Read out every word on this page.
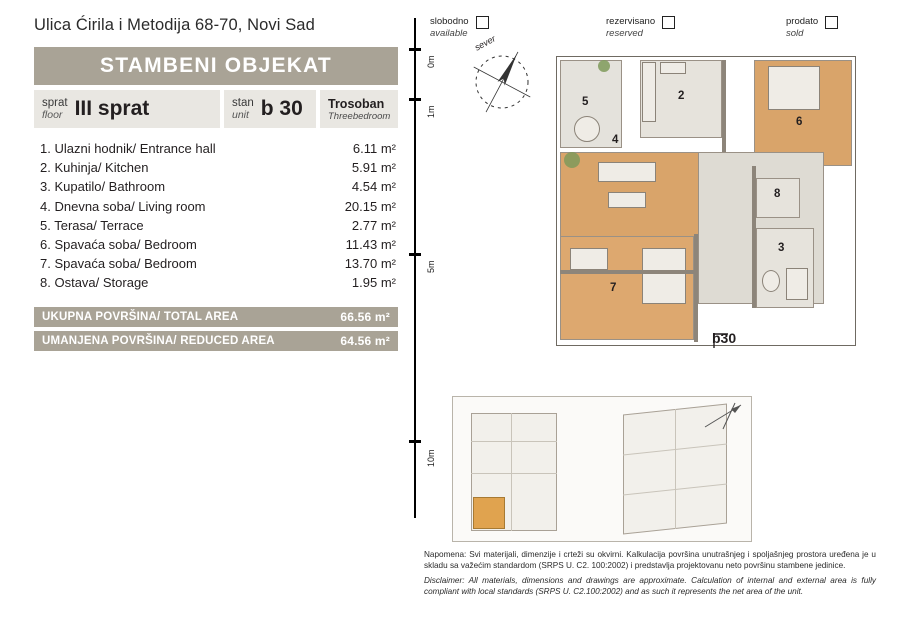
Ulica Ćirila i Metodija 68-70, Novi Sad
STAMBENI OBJEKAT
sprat
floor III sprat	stan
unit b 30 Trosoban
Threebedroom
1. Ulazni hodnik/ Entrance hall	6.11 m²
2. Kuhinja/ Kitchen	5.91 m²
3. Kupatilo/ Bathroom	4.54 m²
4. Dnevna soba/ Living room	20.15 m²
5. Terasa/ Terrace	2.77 m²
6. Spavaća soba/ Bedroom	11.43 m²
7. Spavaća soba/ Bedroom	13.70 m²
8. Ostava/ Storage	1.95 m²
UKUPNA POVRŠINA/ TOTAL AREA	66.56 m²
UMANJENA POVRŠINA/ REDUCED AREA	64.56 m²
0m
1m
5m
10m
slobodno
available
rezervisano
reserved
prodato
sold
sever
5	2
6
4
7
8
3
b30

Napomena: Svi materijali, dimenzije i crteži su okvirni. Kalkulacija površina unutrašnjeg i spoljašnjeg prostora uređena je u skladu sa važećim standardom (SRPS U. C2. 100:2002) i predstavlja projektovanu neto površinu stambene jedinice.

Disclaimer: All materials, dimensions and drawings are approximate. Calculation of internal and external area is fully compliant with local standards (SRPS U. C2.100:2002) and as such it represents the net area of the unit.
